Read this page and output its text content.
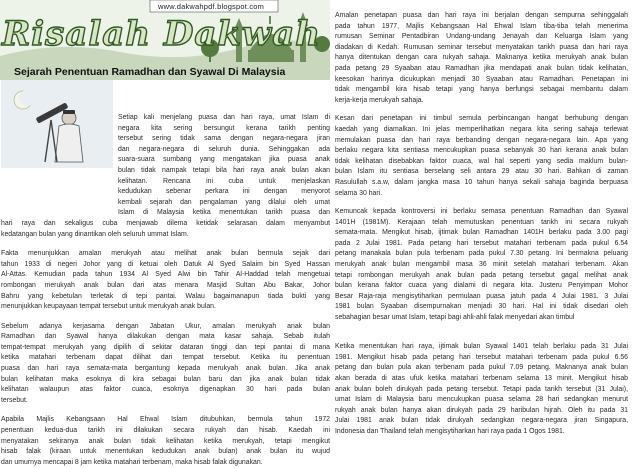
www.dakwahpdf.blogspot.com
Risalah Dakwah
Sejarah Penentuan Ramadhan dan Syawal Di Malaysia
Setiap kali menjelang puasa dan hari raya, umat Islam di
negara kita sering bersungut kerana tarikh penting
tersebut sering tidak sama dengan negara-negara jiran
dan negara-negara di seluruh dunia. Sehinggakan ada
suara-suara sumbang yang mengatakan jika puasa anak
bulan tidak nampak tetapi bila hari raya anak bulan akan
kelihatan. Rencana ini cuba untuk menjelaskan
kedudukan sebenar perkara ini dengan menyorot
kembali sejarah dan pengalaman yang dilalui oleh umat
Islam di Malaysia ketika menentukan tarikh puasa dan
hari raya dan sekaligus cuba menjawab dilema ketidak selarasan dalam menyambut
kedatangan bulan yang dinantikan oleh seluruh ummat Islam.
Fakta menunjukkan amalan merukyah atau melihat anak bulan bermula sejak dari
tahun 1933 di negeri Johor yang di ketuai oleh Datuk Al Syed Salaim bin Syed Hassan
Al-Attas. Kemudian pada tahun 1934 Al Syed Alwi bin Tahir Al-Haddad telah mengetuai
rombongan merukyah anak bulan dari atas menara Masjid Sultan Abu Bakar, Johor
Bahru yang kebetulan terletak di tepi pantai. Walau bagaimanapun tiada bukti yang
menunjukkan keupayaan tempat tersebut untuk merukyah anak bulan.
Sebelum adanya kerjasama dengan Jabatan Ukur, amalan merukyah anak bulan
Ramadhan dan Syawal hanya dilakukan dengan mata kasar sahaja. Sebab itulah
tempat-tempat merukyah yang dipilih di sekitar dataran tinggi dan tepi pantai di mana
ketika matahari terbenam dapat dilihat dari tempat tersebut. Ketika itu penentuan
puasa dan hari raya semata-mata bergantung kepada merukyah anak bulan. Jika anak
bulan kelihatan maka esoknya di kira sebagai bulan baru dan jika anak bulan tidak
kelihatan walaupun atas faktor cuaca, esoknya digenapkan 30 hari pada bulan
tersebut.
Apabila Majlis Kebangsaan Hal Ehwal Islam ditubuhkan, bermula tahun 1972
penentuan kedua-dua tarikh ini dilakukan secara rukyah dan hisab. Kaedah ini
menyatakan sekiranya anak bulan tidak kelihatan ketika merukyah, tetapi mengikut
hisab falak (kiraan untuk menentukan kedudukan anak bulan) anak bulan itu wujud
dan umurnya mencapai 8 jam ketika matahari terbenam, maka hisab falak digunakan.
Amalan penetapan puasa dan hari raya ini berjalan dengan sempurna sehinggalah
pada tahun 1977, Majlis Kebangsaan Hal Ehwal Islam tiba-tiba telah menerima
rumusan Seminar Pentadbiran Undang-undang Jenayah dan Keluarga Islam yang
diadakan di Kedah. Rumusan seminar tersebut menyatakan tarikh puasa dan hari raya
hanya ditentukan dengan cara rukyah sahaja. Maknanya ketika merukyah anak bulan
pada petang 29 Syaaban atau Ramadhan jika mendapati anak bulan tidak kelihatan,
keesokan harinya dicukupkan menjadi 30 Syaaban atau Ramadhan. Penetapan ini
tidak mengambil kira hisab tetapi yang hanya berfungsi sebagai membantu dalam
kerja-kerja merukyah sahaja.
Kesan dari penetapan ini timbul semula perbincangan hangat berhubung dengan
kaedah yang diamalkan. Ini jelas memperlihatkan negara kita sering sahaja terlewat
memulakan puasa dan hari raya berbanding dengan negara-negara lain. Apa yang
berlaku negara kita sentiasa mencukupkan puasa sebanyak 30 hari kerana anak bulan
tidak kelihatan disebabkan faktor cuaca, wal hal seperti yang sedia maklum bulan-
bulan Islam itu sentiasa berselang seli antara 29 atau 30 hari. Bahkan di zaman
Rasulullah s.a.w, dalam jangka masa 10 tahun hanya sekali sahaja baginda berpuasa
selama 30 hari.
Kemuncak kepada kontroversi ini berlaku semasa penentuan Ramadhan dan Syawal
1401H (1981M). Kerajaan telah memutuskan penentuan tarikh ini secara rukyah
semata-mata. Mengikut hisab, ijtimak bulan Ramadhan 1401H berlaku pada 3.00 pagi
pada 2 Julai 1981. Pada petang hari tersebut matahari terbenam pada pukul 6.54
petang manakala bulan pula terbenam pada pukul 7.30 petang. Ini bermakna peluang
merukyah anak bulan mengambil masa 36 minit setelah matahari terbenam. Akan
tetapi rombongan merukyah anak bulan pada petang tersebut gagal melihat anak
bulan kerana faktor cuaca yang dialami di negara kita. Justeru Penyimpan Mohor
Besar Raja-raja mengisytiharkan permulaan puasa jatuh pada 4 Julai 1981. 3 Julai
1981 bulan Syaaban disempurnakan menjadi 30 hari. Hal ini tidak disedari oleh
sebahagian besar umat Islam, tetapi bagi ahli-ahli falak menyedari akan timbul
Ketika menentukan hari raya, ijtimak bulan Syawal 1401 telah berlaku pada 31 Julai
1981. Mengikut hisab pada petang hari tersebut matahari terbenam pada pukul 6.56
petang dan bulan pula akan terbenam pada pukul 7.09 petang. Maknanya anak bulan
akan berada di atas ufuk ketika matahari terbenam selama 13 minit. Mengikut hisab
anak bulan boleh dirukyah pada petang tersebut. Tetapi pada tarikh tersebut (31 Julai),
umat Islam di Malaysia baru mencukupkan puasa selama 28 hari sedangkan menurut
rukyah anak bulan hanya akan dirukyah pada 29 haribulan hijrah. Oleh itu pada 31
Julai 1981 anak bulan tidak dirukyah sedangkan negara-negara jiran Singapura,
Indonesia dan Thailand telah mengisytiharkan hari raya pada 1 Ogos 1981.
